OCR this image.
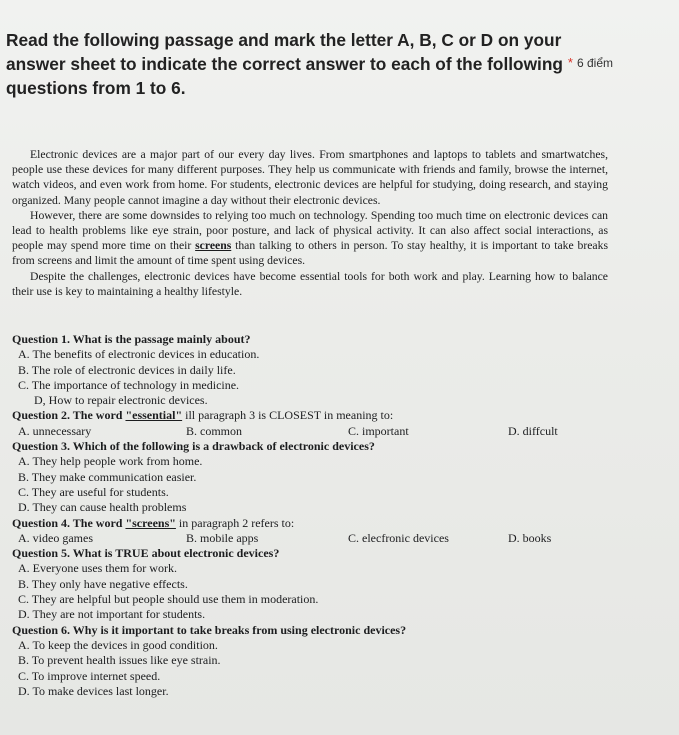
Read the following passage and mark the letter A, B, C or D on your answer sheet to indicate the correct answer to each of the following questions from 1 to 6.
* 6 điểm

Electronic devices are a major part of our every day lives. From smartphones and laptops to tablets and smartwatches, people use these devices for many different purposes. They help us communicate with friends and family, browse the internet, watch videos, and even work from home. For students, electronic devices are helpful for studying, doing research, and staying organized. Many people cannot imagine a day without their electronic devices.

However, there are some downsides to relying too much on technology. Spending too much time on electronic devices can lead to health problems like eye strain, poor posture, and lack of physical activity. It can also affect social interactions, as people may spend more time on their screens than talking to others in person. To stay healthy, it is important to take breaks from screens and limit the amount of time spent using devices.

Despite the challenges, electronic devices have become essential tools for both work and play. Learning how to balance their use is key to maintaining a healthy lifestyle.

Question 1. What is the passage mainly about?
A. The benefits of electronic devices in education.
B. The role of electronic devices in daily life.
C. The importance of technology in medicine.
D, How to repair electronic devices.
Question 2. The word "essential" ill paragraph 3 is CLOSEST in meaning to:
A. unnecessary	B. common	C. important	D. diffcult
Question 3. Which of the following is a drawback of electronic devices?
A. They help people work from home.
B. They make communication easier.
C. They are useful for students.
D. They can cause health problems
Question 4. The word "screens" in paragraph 2 refers to:
A. video games	B. mobile apps	C. elecfronic devices	D. books
Question 5. What is TRUE about electronic devices?
A. Everyone uses them for work.
B. They only have negative effects.
C. They are helpful but people should use them in moderation.
D. They are not important for students.
Question 6. Why is it important to take breaks from using electronic devices?
A. To keep the devices in good condition.
B. To prevent health issues like eye strain.
C. To improve internet speed.
D. To make devices last longer.
